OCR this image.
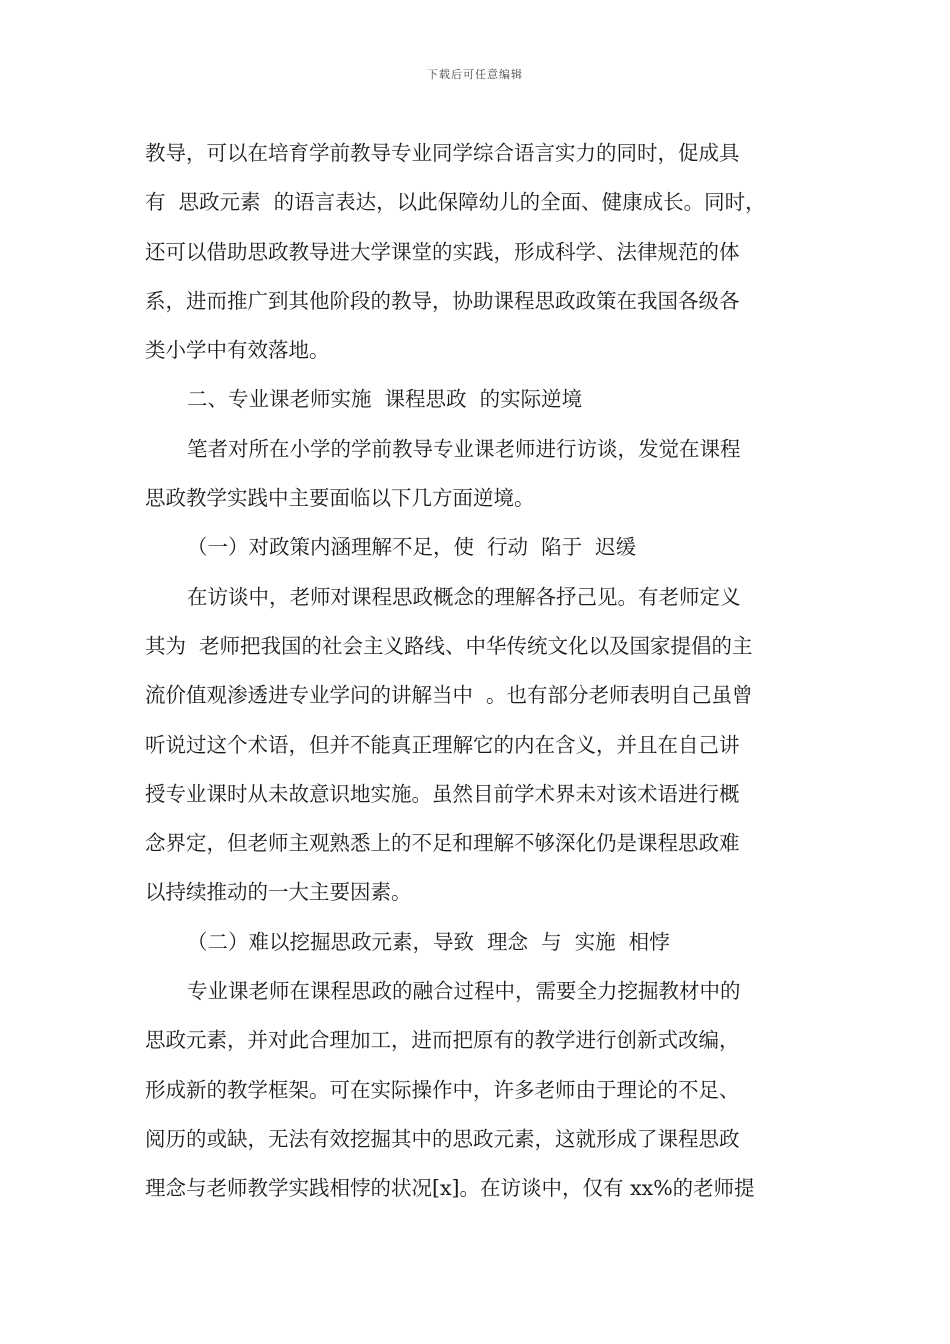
下载后可任意编辑
教导，可以在培育学前教导专业同学综合语言实力的同时，促成具
有  思政元素  的语言表达，以此保障幼儿的全面、健康成长。同时，
还可以借助思政教导进大学课堂的实践，形成科学、法律规范的体
系，进而推广到其他阶段的教导，协助课程思政政策在我国各级各
类小学中有效落地。
二、专业课老师实施  课程思政  的实际逆境
笔者对所在小学的学前教导专业课老师进行访谈，发觉在课程
思政教学实践中主要面临以下几方面逆境。
（一）对政策内涵理解不足，使  行动  陷于  迟缓
在访谈中，老师对课程思政概念的理解各抒己见。有老师定义
其为  老师把我国的社会主义路线、中华传统文化以及国家提倡的主
流价值观渗透进专业学问的讲解当中  。也有部分老师表明自己虽曾
听说过这个术语，但并不能真正理解它的内在含义，并且在自己讲
授专业课时从未故意识地实施。虽然目前学术界未对该术语进行概
念界定，但老师主观熟悉上的不足和理解不够深化仍是课程思政难
以持续推动的一大主要因素。
（二）难以挖掘思政元素，导致  理念  与  实施  相悖
专业课老师在课程思政的融合过程中，需要全力挖掘教材中的
思政元素，并对此合理加工，进而把原有的教学进行创新式改编，
形成新的教学框架。可在实际操作中，许多老师由于理论的不足、
阅历的或缺，无法有效挖掘其中的思政元素，这就形成了课程思政
理念与老师教学实践相悖的状况[x]。在访谈中，仅有 xx%的老师提
